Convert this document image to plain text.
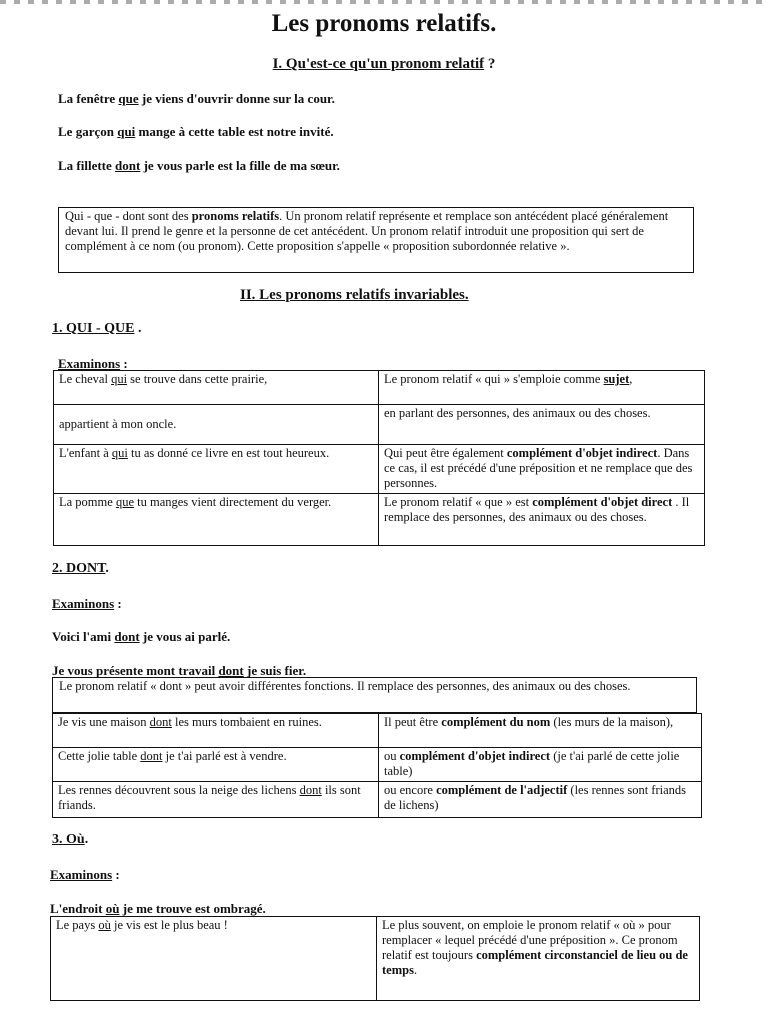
Les pronoms relatifs.
I. Qu'est-ce qu'un pronom relatif ?
La fenêtre que je viens d'ouvrir donne sur la cour.
Le garçon qui mange à cette table est notre invité.
La fillette dont je vous parle est la fille de ma sœur.
Qui - que - dont sont des pronoms relatifs. Un pronom relatif représente et remplace son antécédent placé généralement devant lui. Il prend le genre et la personne de cet antécédent. Un pronom relatif introduit une proposition qui sert de complément à ce nom (ou pronom). Cette proposition s'appelle « proposition subordonnée relative ».
II. Les pronoms relatifs invariables.
1. QUI - QUE .
Examinons :
Le cheval qui se trouve dans cette prairie,	Le pronom relatif « qui » s'emploie comme sujet,
appartient à mon oncle.	en parlant des personnes, des animaux ou des choses.
L'enfant à qui tu as donné ce livre en est tout heureux.	Qui peut être également complément d'objet indirect. Dans ce cas, il est précédé d'une préposition et ne remplace que des personnes.
La pomme que tu manges vient directement du verger.	Le pronom relatif « que » est complément d'objet direct . Il remplace des personnes, des animaux ou des choses.
2. DONT.
Examinons :
Voici l'ami dont je vous ai parlé.
Je vous présente mont travail dont je suis fier.
Le pronom relatif « dont » peut avoir différentes fonctions. Il remplace des personnes, des animaux ou des choses.
Je vis une maison dont les murs tombaient en ruines.	Il peut être complément du nom (les murs de la maison),
Cette jolie table dont je t'ai parlé est à vendre.	ou complément d'objet indirect (je t'ai parlé de cette jolie table)
Les rennes découvrent sous la neige des lichens dont ils sont friands.	ou encore complément de l'adjectif (les rennes sont friands de lichens)
3. Où.
Examinons :
L'endroit où je me trouve est ombragé.
Le pays où je vis est le plus beau !	Le plus souvent, on emploie le pronom relatif « où » pour remplacer « lequel précédé d'une préposition ». Ce pronom relatif est toujours complément circonstanciel de lieu ou de temps.
